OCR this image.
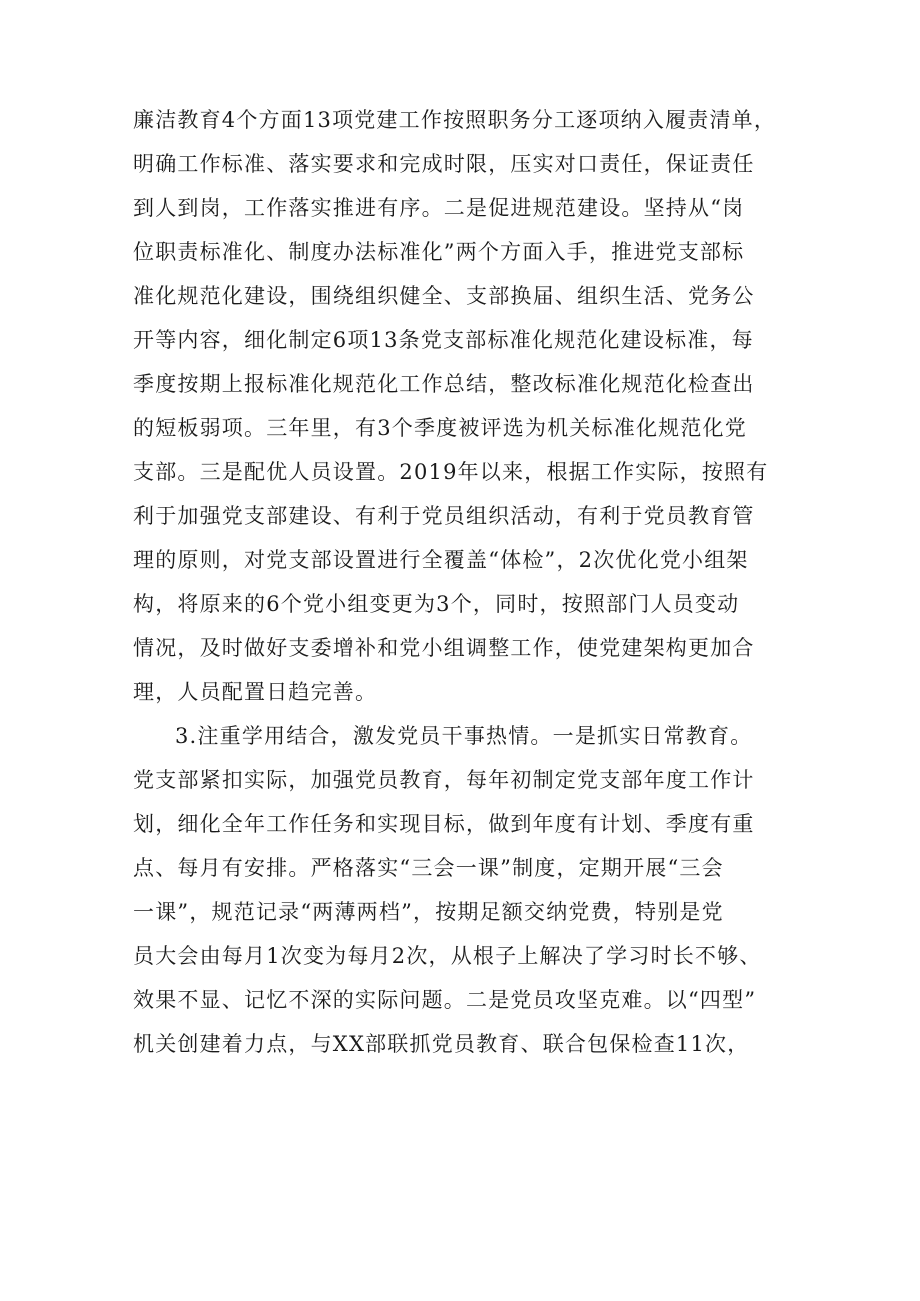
廉洁教育4个方面13项党建工作按照职务分工逐项纳入履责清单，
明确工作标准、落实要求和完成时限，压实对口责任，保证责任
到人到岗，工作落实推进有序。二是促进规范建设。坚持从“岗
位职责标准化、制度办法标准化”两个方面入手，推进党支部标
准化规范化建设，围绕组织健全、支部换届、组织生活、党务公
开等内容，细化制定6项13条党支部标准化规范化建设标准，每
季度按期上报标准化规范化工作总结，整改标准化规范化检查出
的短板弱项。三年里，有3个季度被评选为机关标准化规范化党
支部。三是配优人员设置。2019年以来，根据工作实际，按照有
利于加强党支部建设、有利于党员组织活动，有利于党员教育管
理的原则，对党支部设置进行全覆盖“体检”，2次优化党小组架
构，将原来的6个党小组变更为3个，同时，按照部门人员变动
情况，及时做好支委增补和党小组调整工作，使党建架构更加合
理，人员配置日趋完善。
3.注重学用结合，激发党员干事热情。一是抓实日常教育。
党支部紧扣实际，加强党员教育，每年初制定党支部年度工作计
划，细化全年工作任务和实现目标，做到年度有计划、季度有重
点、每月有安排。严格落实“三会一课”制度，定期开展“三会
一课”，规范记录“两薄两档”，按期足额交纳党费，特别是党
员大会由每月1次变为每月2次，从根子上解决了学习时长不够、
效果不显、记忆不深的实际问题。二是党员攻坚克难。以“四型”
机关创建着力点，与XX部联抓党员教育、联合包保检查11次，
